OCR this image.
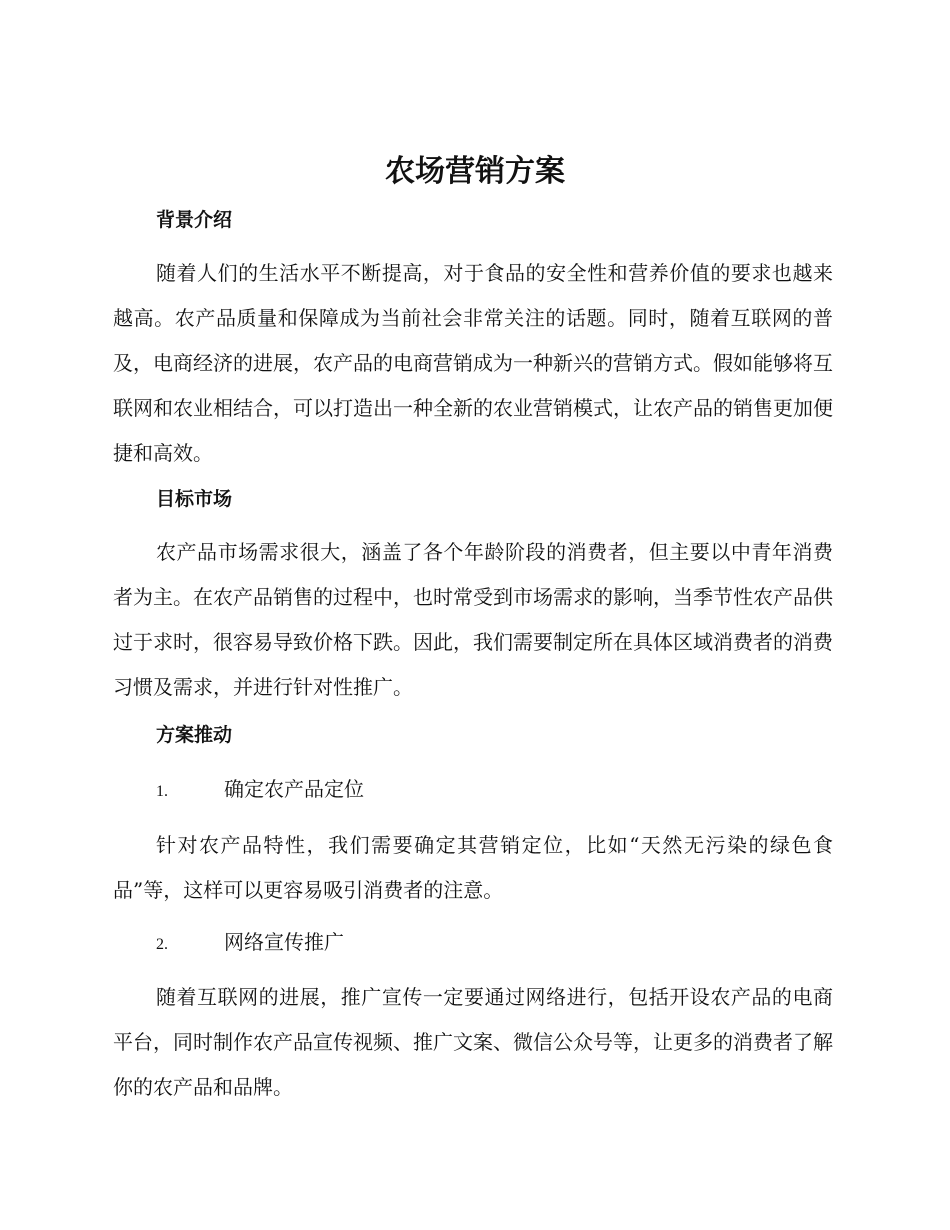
农场营销方案
背景介绍

随着人们的生活水平不断提高，对于食品的安全性和营养价值的要求也越来越高。农产品质量和保障成为当前社会非常关注的话题。同时，随着互联网的普及，电商经济的进展，农产品的电商营销成为一种新兴的营销方式。假如能够将互联网和农业相结合，可以打造出一种全新的农业营销模式，让农产品的销售更加便捷和高效。

目标市场

农产品市场需求很大，涵盖了各个年龄阶段的消费者，但主要以中青年消费者为主。在农产品销售的过程中，也时常受到市场需求的影响，当季节性农产品供过于求时，很容易导致价格下跌。因此，我们需要制定所在具体区域消费者的消费习惯及需求，并进行针对性推广。

方案推动
1.	确定农产品定位

针对农产品特性，我们需要确定其营销定位，比如“天然无污染的绿色食品”等，这样可以更容易吸引消费者的注意。

2.	网络宣传推广

随着互联网的进展，推广宣传一定要通过网络进行，包括开设农产品的电商平台，同时制作农产品宣传视频、推广文案、微信公众号等，让更多的消费者了解你的农产品和品牌。
